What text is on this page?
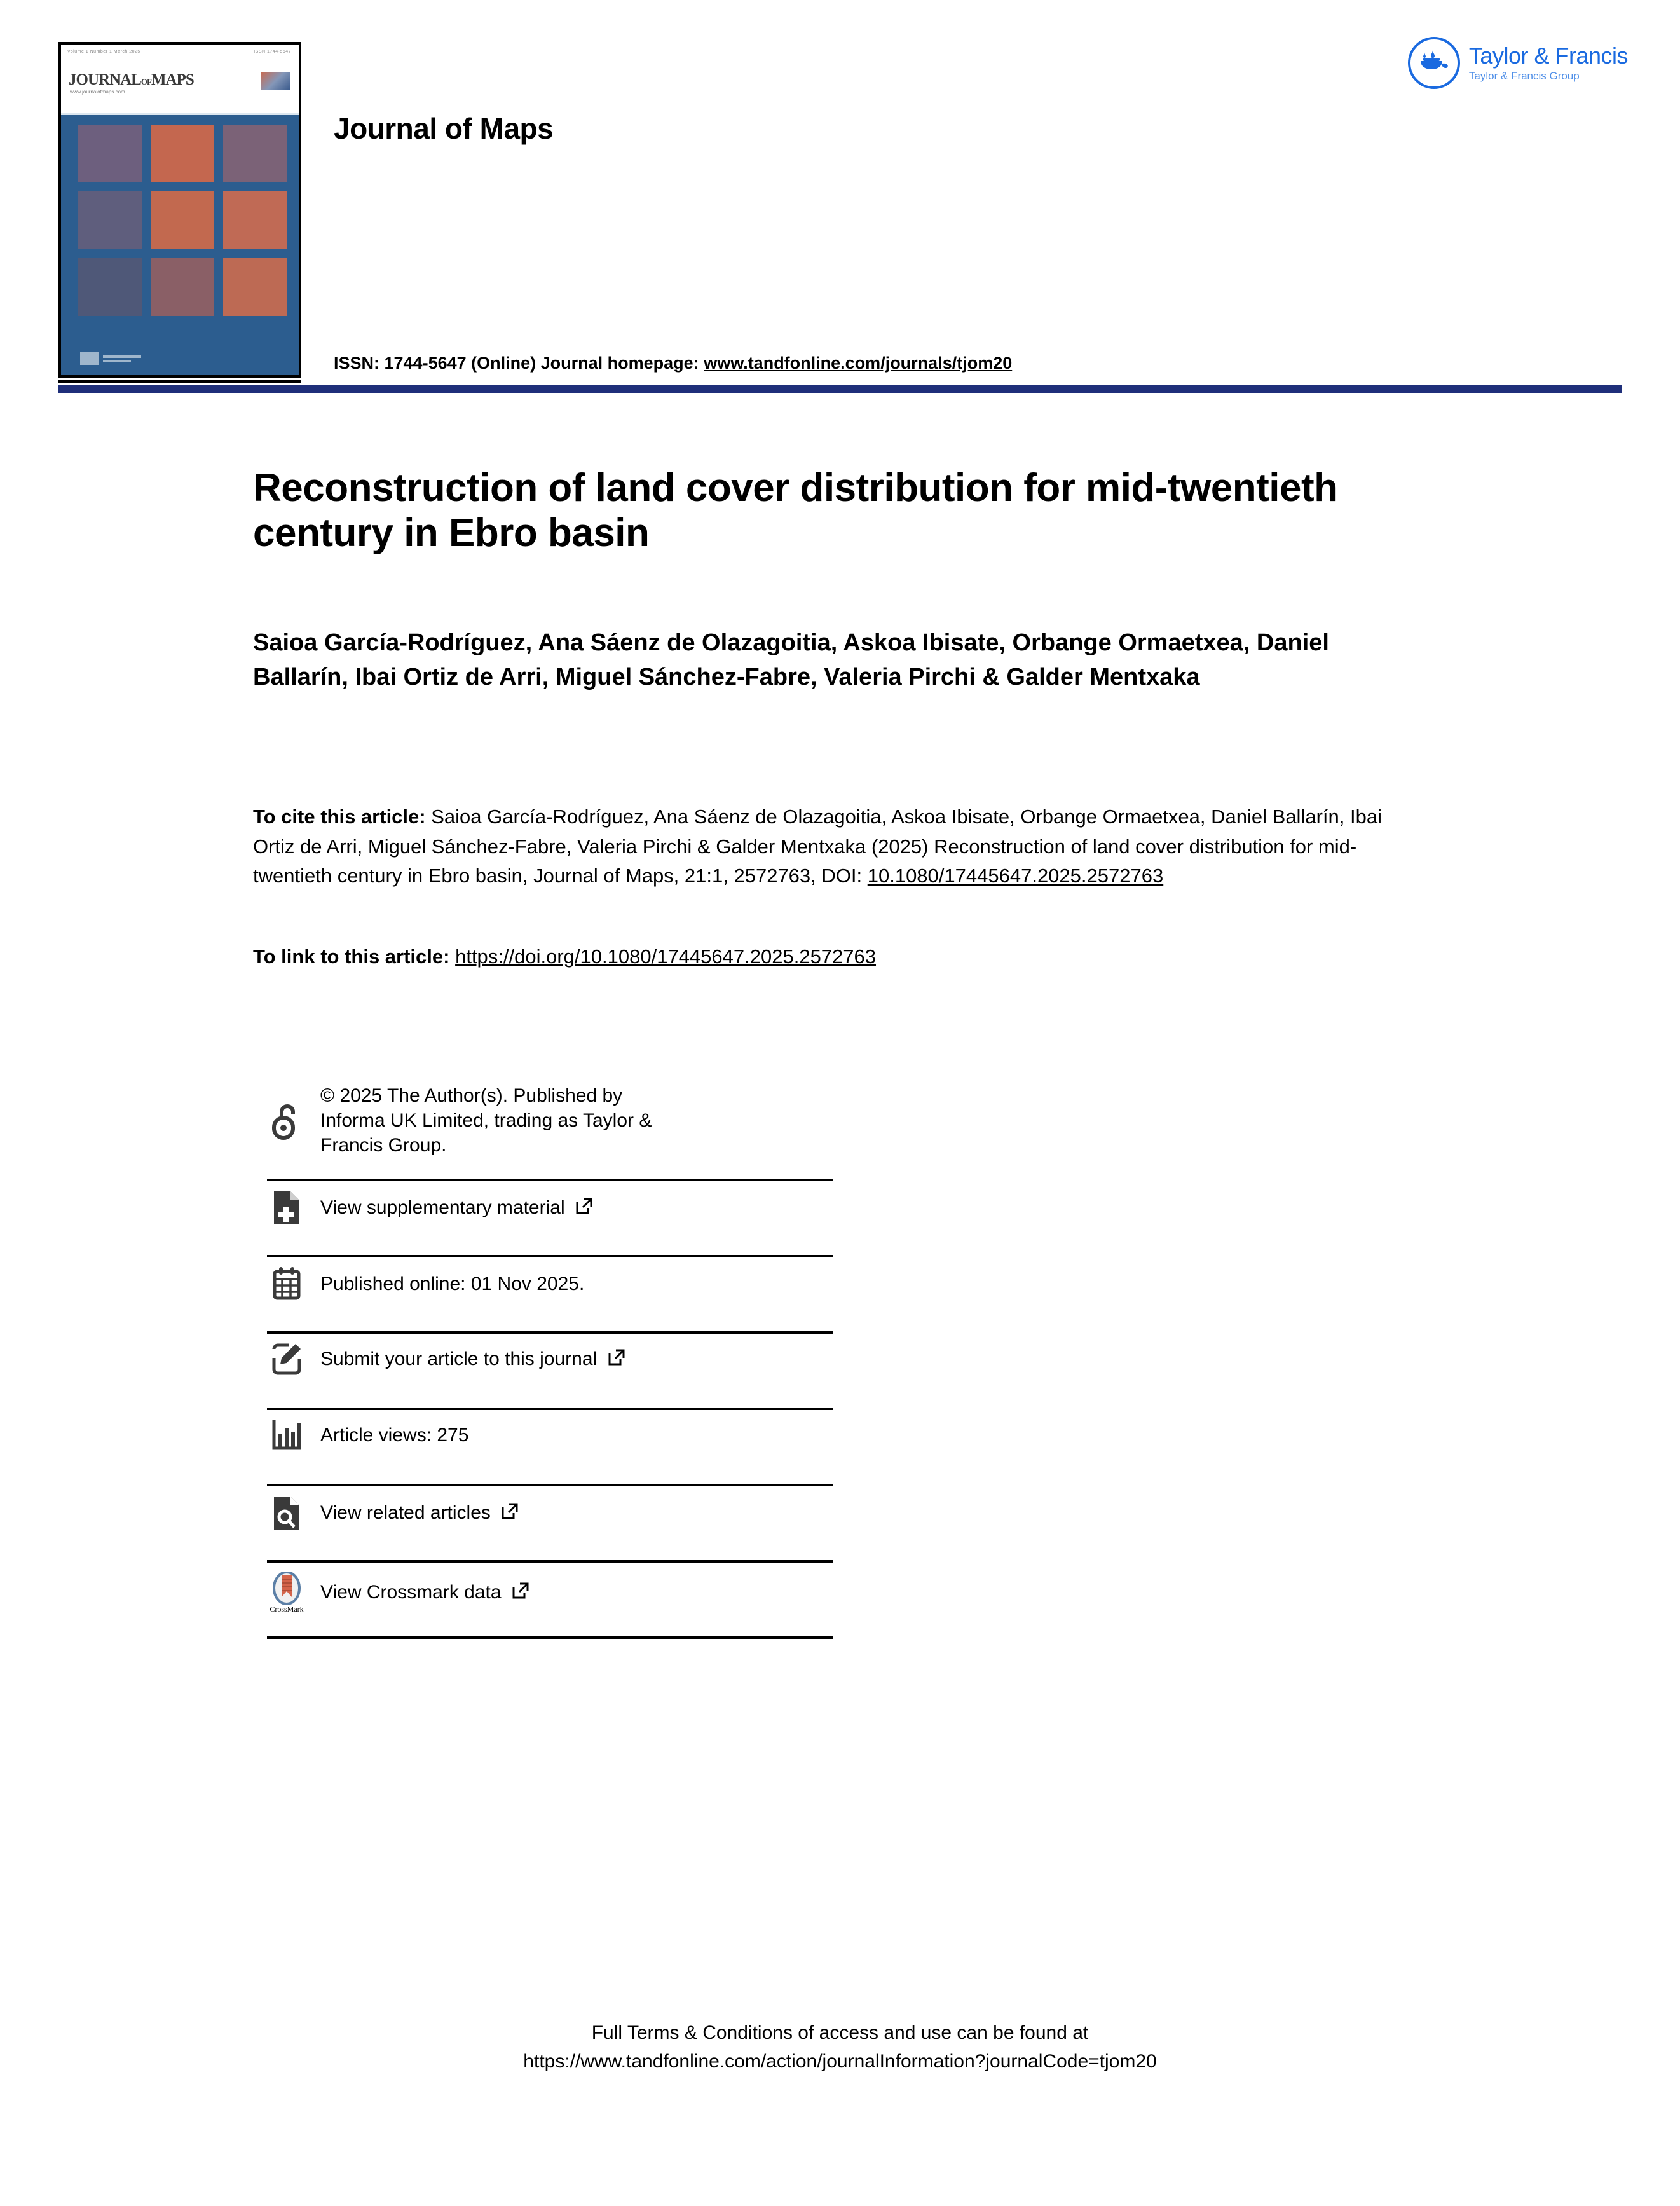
Volume 1 Number 1 March 2025	ISSN 1744-5647
JOURNALOFMAPS
www.journalofmaps.com
Journal of Maps
Taylor & Francis
Taylor & Francis Group
ISSN: 1744-5647 (Online) Journal homepage: www.tandfonline.com/journals/tjom20
Reconstruction of land cover distribution for mid-twentieth century in Ebro basin
Saioa García-Rodríguez, Ana Sáenz de Olazagoitia, Askoa Ibisate, Orbange Ormaetxea, Daniel Ballarín, Ibai Ortiz de Arri, Miguel Sánchez-Fabre, Valeria Pirchi & Galder Mentxaka
To cite this article: Saioa García-Rodríguez, Ana Sáenz de Olazagoitia, Askoa Ibisate, Orbange Ormaetxea, Daniel Ballarín, Ibai Ortiz de Arri, Miguel Sánchez-Fabre, Valeria Pirchi & Galder Mentxaka (2025) Reconstruction of land cover distribution for mid-twentieth century in Ebro basin, Journal of Maps, 21:1, 2572763, DOI: 10.1080/17445647.2025.2572763
To link to this article: https://doi.org/10.1080/17445647.2025.2572763
© 2025 The Author(s). Published by Informa UK Limited, trading as Taylor & Francis Group.
View supplementary material
Published online: 01 Nov 2025.
Submit your article to this journal
Article views: 275
View related articles
CrossMark
View Crossmark data
Full Terms & Conditions of access and use can be found at
https://www.tandfonline.com/action/journalInformation?journalCode=tjom20
